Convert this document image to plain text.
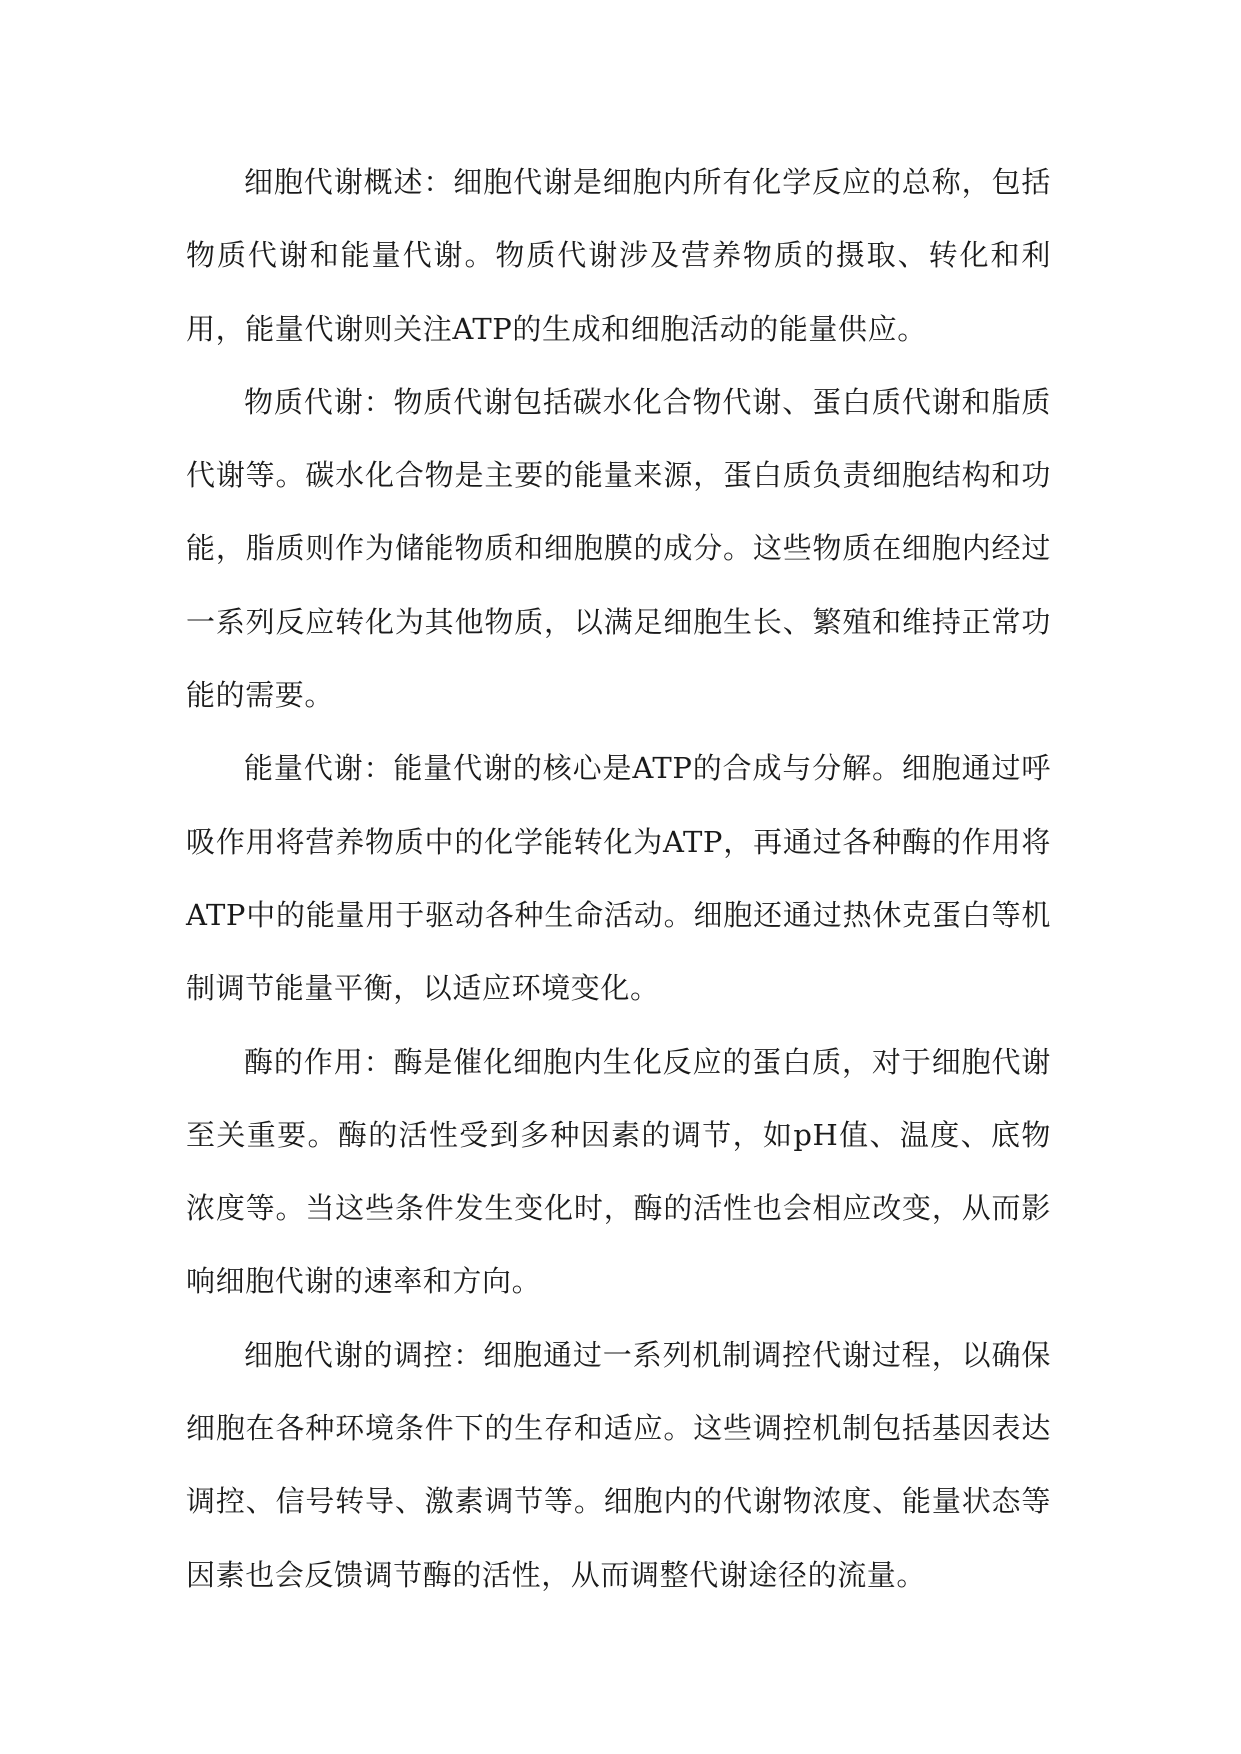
细胞代谢概述：细胞代谢是细胞内所有化学反应的总称，包括物质代谢和能量代谢。物质代谢涉及营养物质的摄取、转化和利用，能量代谢则关注ATP的生成和细胞活动的能量供应。

物质代谢：物质代谢包括碳水化合物代谢、蛋白质代谢和脂质代谢等。碳水化合物是主要的能量来源，蛋白质负责细胞结构和功能，脂质则作为储能物质和细胞膜的成分。这些物质在细胞内经过一系列反应转化为其他物质，以满足细胞生长、繁殖和维持正常功能的需要。

能量代谢：能量代谢的核心是ATP的合成与分解。细胞通过呼吸作用将营养物质中的化学能转化为ATP，再通过各种酶的作用将ATP中的能量用于驱动各种生命活动。细胞还通过热休克蛋白等机制调节能量平衡，以适应环境变化。

酶的作用：酶是催化细胞内生化反应的蛋白质，对于细胞代谢至关重要。酶的活性受到多种因素的调节，如pH值、温度、底物浓度等。当这些条件发生变化时，酶的活性也会相应改变，从而影响细胞代谢的速率和方向。

细胞代谢的调控：细胞通过一系列机制调控代谢过程，以确保细胞在各种环境条件下的生存和适应。这些调控机制包括基因表达调控、信号转导、激素调节等。细胞内的代谢物浓度、能量状态等因素也会反馈调节酶的活性，从而调整代谢途径的流量。
